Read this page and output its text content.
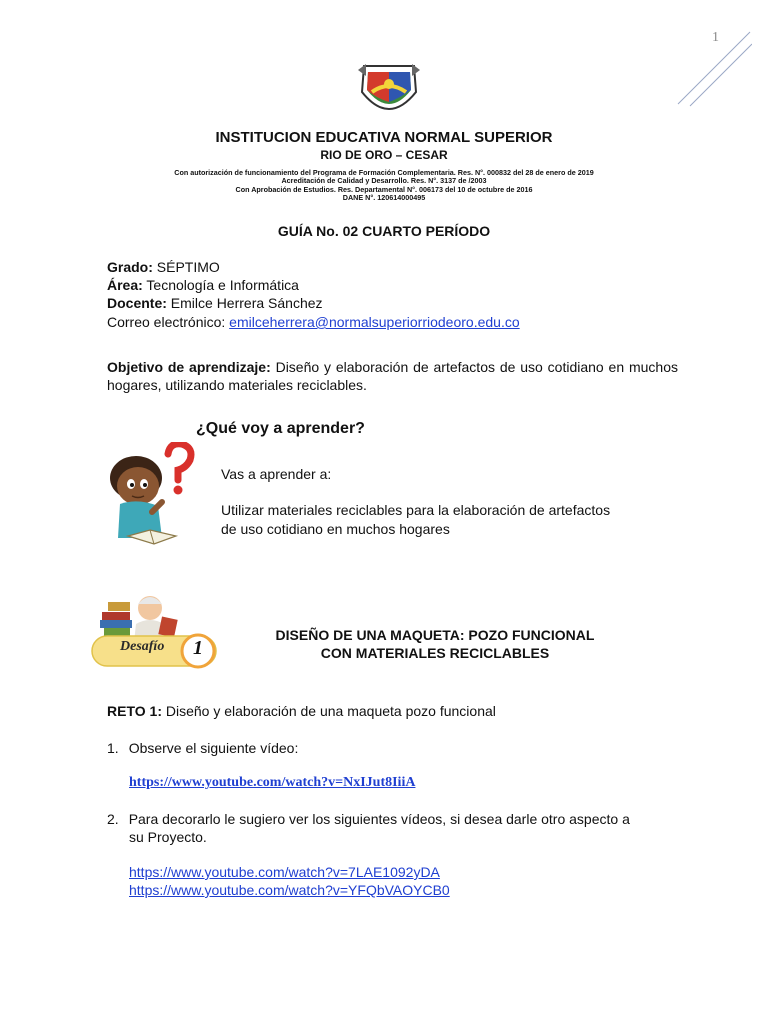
1
INSTITUCION EDUCATIVA NORMAL SUPERIOR
RIO DE ORO – CESAR
Con autorización de funcionamiento del Programa de Formación Complementaria. Res. N°. 000832 del 28 de enero de 2019
Acreditación de Calidad y Desarrollo. Res. N°. 3137 de /2003
Con Aprobación de Estudios. Res. Departamental N°. 006173 del 10 de octubre de 2016
DANE N°. 120614000495
GUÍA No. 02 CUARTO PERÍODO
Grado: SÉPTIMO
Área: Tecnología e Informática
Docente: Emilce Herrera Sánchez
Correo electrónico: emilceherrera@normalsuperiorriodeoro.edu.co
Objetivo de aprendizaje: Diseño y elaboración de artefactos de uso cotidiano en muchos hogares, utilizando materiales reciclables.
¿Qué voy a aprender?
Vas a aprender a:
Utilizar materiales reciclables para la elaboración de artefactos
de uso cotidiano en muchos hogares
Desafío 1
DISEÑO DE UNA MAQUETA: POZO FUNCIONAL
CON MATERIALES RECICLABLES
RETO 1: Diseño y elaboración de una maqueta pozo funcional
1. Observe el siguiente vídeo:
https://www.youtube.com/watch?v=NxIJut8IiiA
2. Para decorarlo le sugiero ver los siguientes vídeos, si desea darle otro aspecto a
su Proyecto.
https://www.youtube.com/watch?v=7LAE1092yDA
https://www.youtube.com/watch?v=YFQbVAOYCB0
